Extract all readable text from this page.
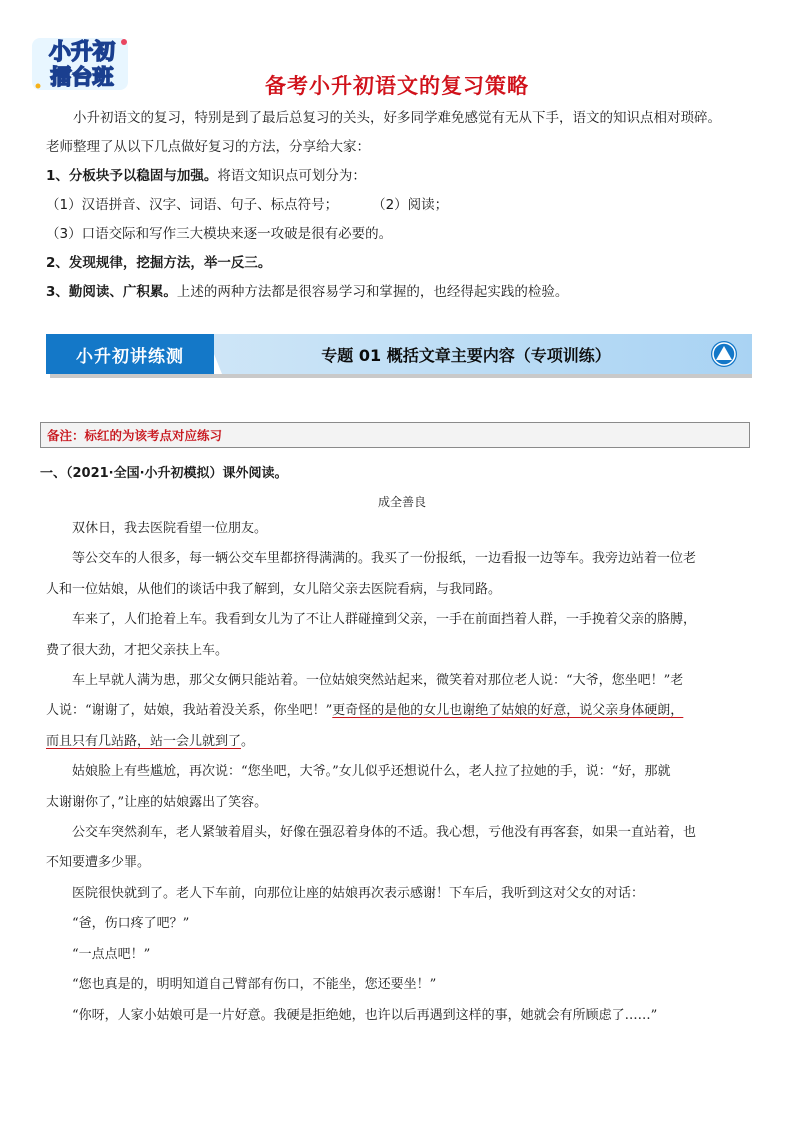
小升初
擂台班	备考小升初语文的复习策略

小升初语文的复习，特别是到了最后总复习的关头，好多同学难免感觉有无从下手，语文的知识点相对琐碎。

老师整理了从以下几点做好复习的方法，分享给大家：

1、分板块予以稳固与加强。将语文知识点可划分为：

（1）汉语拼音、汉字、词语、句子、标点符号；	（2）阅读；

（3）口语交际和写作三大模块来逐一攻破是很有必要的。

2、发现规律，挖掘方法，举一反三。

3、勤阅读、广积累。上述的两种方法都是很容易学习和掌握的，也经得起实践的检验。

小升初讲练测	专题 01 概括文章主要内容（专项训练）
备注：标红的为该考点对应练习
一、（2021·全国·小升初模拟）课外阅读。

成全善良

双休日，我去医院看望一位朋友。

等公交车的人很多，每一辆公交车里都挤得满满的。我买了一份报纸，一边看报一边等车。我旁边站着一位老

人和一位姑娘，从他们的谈话中我了解到，女儿陪父亲去医院看病，与我同路。

车来了，人们抢着上车。我看到女儿为了不让人群碰撞到父亲，一手在前面挡着人群，一手挽着父亲的胳膊，

费了很大劲，才把父亲扶上车。

车上早就人满为患，那父女俩只能站着。一位姑娘突然站起来，微笑着对那位老人说：“大爷，您坐吧！”老

人说：“谢谢了，姑娘，我站着没关系，你坐吧！”更奇怪的是他的女儿也谢绝了姑娘的好意，说父亲身体硬朗，

而且只有几站路，站一会儿就到了。

姑娘脸上有些尴尬，再次说：“您坐吧，大爷。”女儿似乎还想说什么，老人拉了拉她的手，说：“好，那就

太谢谢你了，”让座的姑娘露出了笑容。

公交车突然刹车，老人紧皱着眉头，好像在强忍着身体的不适。我心想，亏他没有再客套，如果一直站着，也

不知要遭多少罪。

医院很快就到了。老人下车前，向那位让座的姑娘再次表示感谢！下车后，我听到这对父女的对话：

“爸，伤口疼了吧？”

“一点点吧！”

“您也真是的，明明知道自己臂部有伤口，不能坐，您还要坐！”

“你呀，人家小姑娘可是一片好意。我硬是拒绝她，也许以后再遇到这样的事，她就会有所顾虑了……”
